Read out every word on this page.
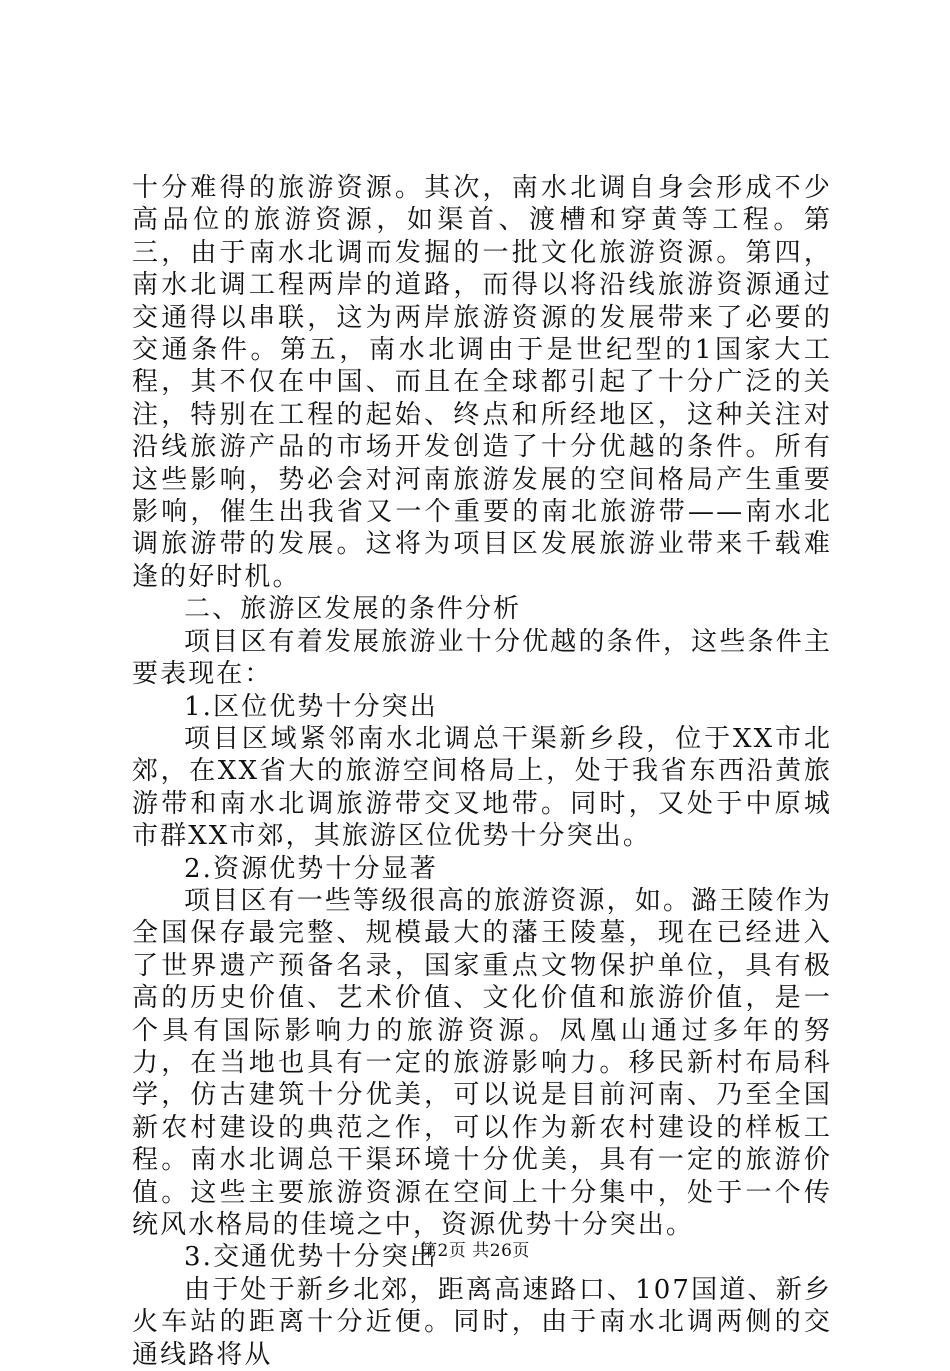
十分难得的旅游资源。其次，南水北调自身会形成不少高品位的旅游资源，如渠首、渡槽和穿黄等工程。第三，由于南水北调而发掘的一批文化旅游资源。第四，南水北调工程两岸的道路，而得以将沿线旅游资源通过交通得以串联，这为两岸旅游资源的发展带来了必要的交通条件。第五，南水北调由于是世纪型的1国家大工程，其不仅在中国、而且在全球都引起了十分广泛的关注，特别在工程的起始、终点和所经地区，这种关注对沿线旅游产品的市场开发创造了十分优越的条件。所有这些影响，势必会对河南旅游发展的空间格局产生重要影响，催生出我省又一个重要的南北旅游带——南水北调旅游带的发展。这将为项目区发展旅游业带来千载难逢的好时机。

二、旅游区发展的条件分析

项目区有着发展旅游业十分优越的条件，这些条件主要表现在：

1.区位优势十分突出

项目区域紧邻南水北调总干渠新乡段，位于XX市北郊，在XX省大的旅游空间格局上，处于我省东西沿黄旅游带和南水北调旅游带交叉地带。同时，又处于中原城市群XX市郊，其旅游区位优势十分突出。

2.资源优势十分显著

项目区有一些等级很高的旅游资源，如。潞王陵作为全国保存最完整、规模最大的藩王陵墓，现在已经进入了世界遗产预备名录，国家重点文物保护单位，具有极高的历史价值、艺术价值、文化价值和旅游价值，是一个具有国际影响力的旅游资源。凤凰山通过多年的努力，在当地也具有一定的旅游影响力。移民新村布局科学，仿古建筑十分优美，可以说是目前河南、乃至全国新农村建设的典范之作，可以作为新农村建设的样板工程。南水北调总干渠环境十分优美，具有一定的旅游价值。这些主要旅游资源在空间上十分集中，处于一个传统风水格局的佳境之中，资源优势十分突出。

3.交通优势十分突出

由于处于新乡北郊，距离高速路口、107国道、新乡火车站的距离十分近便。同时，由于南水北调两侧的交通线路将从

第2页 共26页
